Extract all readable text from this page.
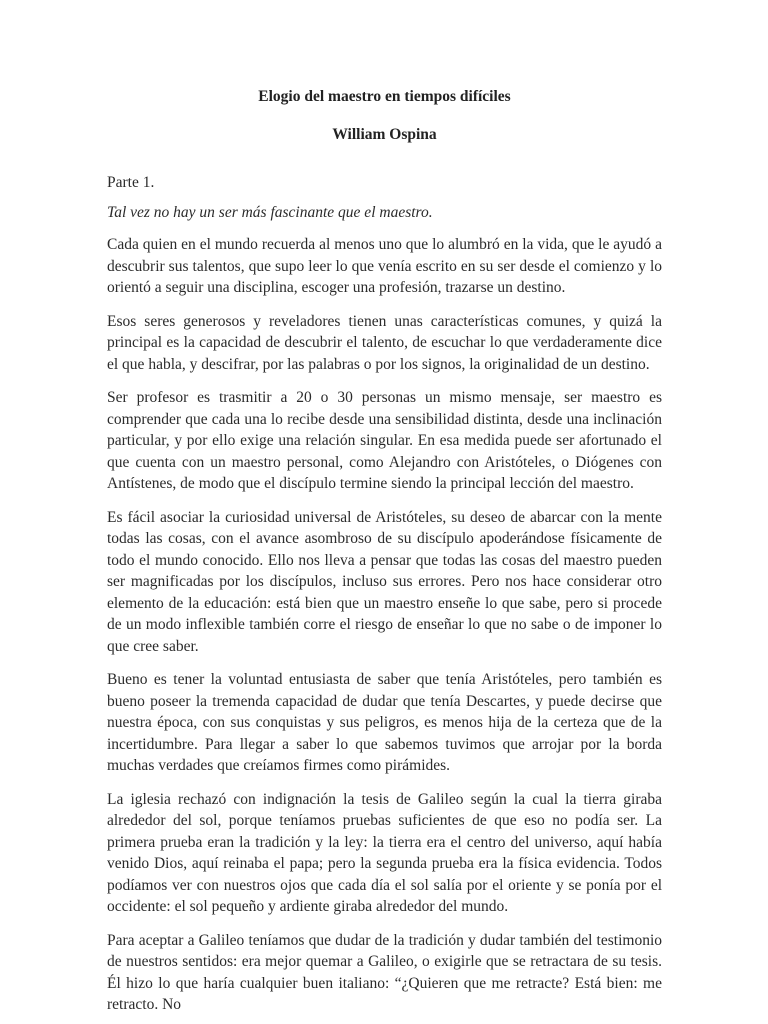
Elogio del maestro en tiempos difíciles
William Ospina

Parte 1.

Tal vez no hay un ser más fascinante que el maestro.

Cada quien en el mundo recuerda al menos uno que lo alumbró en la vida, que le ayudó a descubrir sus talentos, que supo leer lo que venía escrito en su ser desde el comienzo y lo orientó a seguir una disciplina, escoger una profesión, trazarse un destino.

Esos seres generosos y reveladores tienen unas características comunes, y quizá la principal es la capacidad de descubrir el talento, de escuchar lo que verdaderamente dice el que habla, y descifrar, por las palabras o por los signos, la originalidad de un destino.

Ser profesor es trasmitir a 20 o 30 personas un mismo mensaje, ser maestro es comprender que cada una lo recibe desde una sensibilidad distinta, desde una inclinación particular, y por ello exige una relación singular. En esa medida puede ser afortunado el que cuenta con un maestro personal, como Alejandro con Aristóteles, o Diógenes con Antístenes, de modo que el discípulo termine siendo la principal lección del maestro.

Es fácil asociar la curiosidad universal de Aristóteles, su deseo de abarcar con la mente todas las cosas, con el avance asombroso de su discípulo apoderándose físicamente de todo el mundo conocido. Ello nos lleva a pensar que todas las cosas del maestro pueden ser magnificadas por los discípulos, incluso sus errores. Pero nos hace considerar otro elemento de la educación: está bien que un maestro enseñe lo que sabe, pero si procede de un modo inflexible también corre el riesgo de enseñar lo que no sabe o de imponer lo que cree saber.

Bueno es tener la voluntad entusiasta de saber que tenía Aristóteles, pero también es bueno poseer la tremenda capacidad de dudar que tenía Descartes, y puede decirse que nuestra época, con sus conquistas y sus peligros, es menos hija de la certeza que de la incertidumbre. Para llegar a saber lo que sabemos tuvimos que arrojar por la borda muchas verdades que creíamos firmes como pirámides.

La iglesia rechazó con indignación la tesis de Galileo según la cual la tierra giraba alrededor del sol, porque teníamos pruebas suficientes de que eso no podía ser. La primera prueba eran la tradición y la ley: la tierra era el centro del universo, aquí había venido Dios, aquí reinaba el papa; pero la segunda prueba era la física evidencia. Todos podíamos ver con nuestros ojos que cada día el sol salía por el oriente y se ponía por el occidente: el sol pequeño y ardiente giraba alrededor del mundo.

Para aceptar a Galileo teníamos que dudar de la tradición y dudar también del testimonio de nuestros sentidos: era mejor quemar a Galileo, o exigirle que se retractara de su tesis. Él hizo lo que haría cualquier buen italiano: “¿Quieren que me retracte? Está bien: me retracto. No
